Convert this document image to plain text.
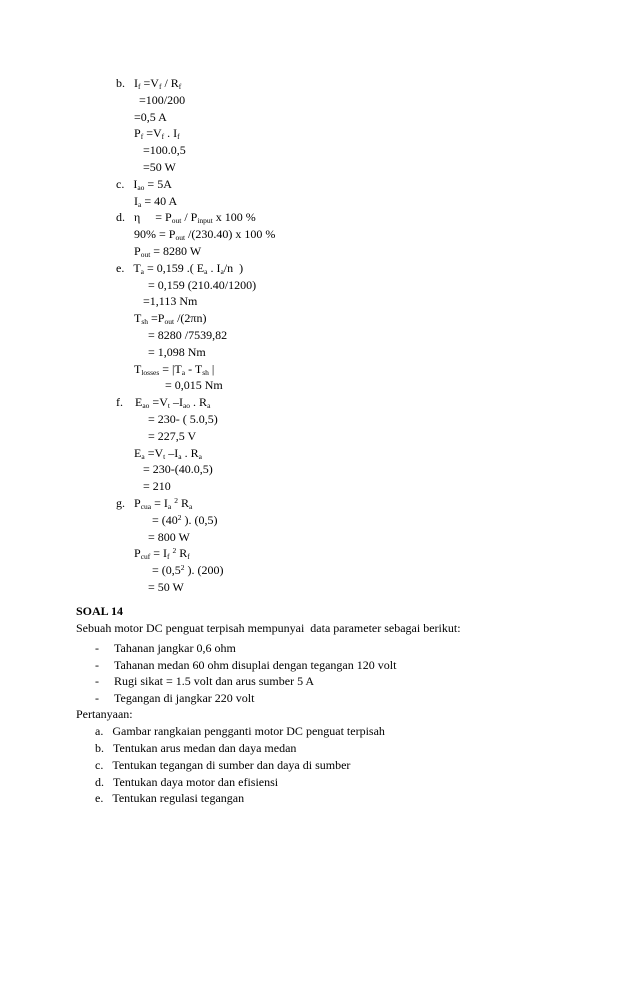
b.   $I_f =V_f / R_f$
=100/200
=0,5 A
$P_f =V_f$ . $I_f$
=100.0,5
=50 W
c.   $I_{ao} = 5A$
$I_a = 40$ A
d.   η     = $P_{out} / P_{input}$ x 100 %
$90\% = P_{out}$ /(230.40) x 100 %
$P_{out} = 8280$ W
e.   $T_a = 0,159$ .( $E_a$ . $I_a/n$  )
= 0,159 (210.40/1200)
=1,113 Nm
$T_{sh} =P_{out}$ /(2πn)
= 8280 /7539,82
= 1,098 Nm
$T_{losses} = |T_a - T_{sh}$ |
= 0,015 Nm
f.    $E_{ao} =V_t$ $-I_{ao}$ . $R_a$
= 230- ( 5.0,5)
= 227,5 V
$E_a =V_t$ $-I_a$ . $R_a$
= 230-(40.0,5)
= 210
g.   $P_{cua} = I_a$ $^2$ $R_a$
= ($40^2$ ). (0,5)
= 800 W
$P_{cuf} = I_f$ $^2$ $R_f$
= ($0,5^2$ ). (200)
= 50 W
SOAL 14
Sebuah motor DC penguat terpisah mempunyai  data parameter sebagai berikut:
-     Tahanan jangkar 0,6 ohm
-     Tahanan medan 60 ohm disuplai dengan tegangan 120 volt
-     Rugi sikat = 1.5 volt dan arus sumber 5 A
-     Tegangan di jangkar 220 volt
Pertanyaan:
a.   Gambar rangkaian pengganti motor DC penguat terpisah
b.   Tentukan arus medan dan daya medan
c.   Tentukan tegangan di sumber dan daya di sumber
d.   Tentukan daya motor dan efisiensi
e.   Tentukan regulasi tegangan
